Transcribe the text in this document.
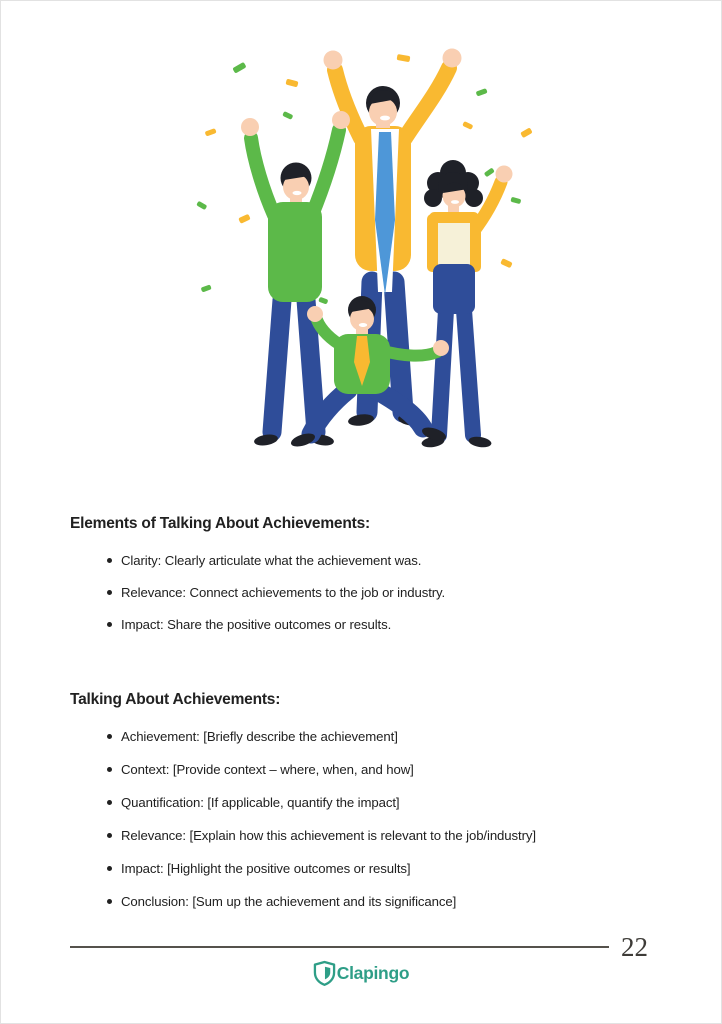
Elements of Talking About Achievements:
Clarity: Clearly articulate what the achievement was.
Relevance: Connect achievements to the job or industry.
Impact: Share the positive outcomes or results.
Talking About Achievements:
Achievement: [Briefly describe the achievement]
Context: [Provide context – where, when, and how]
Quantification: [If applicable, quantify the impact]
Relevance: [Explain how this achievement is relevant to the job/industry]
Impact: [Highlight the positive outcomes or results]
Conclusion: [Sum up the achievement and its significance]
22
Clapingo
